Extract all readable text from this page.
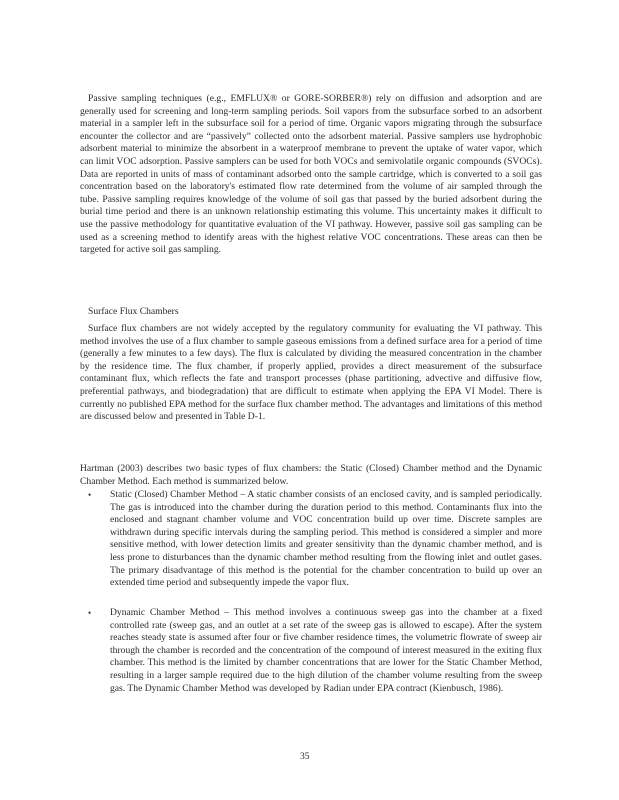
Passive sampling techniques (e.g., EMFLUX® or GORE-SORBER®) rely on diffusion and adsorption and are generally used for screening and long-term sampling periods. Soil vapors from the subsurface sorbed to an adsorbent material in a sampler left in the subsurface soil for a period of time. Organic vapors migrating through the subsurface encounter the collector and are “passively” collected onto the adsorbent material. Passive samplers use hydrophobic adsorbent material to minimize the absorbent in a waterproof membrane to prevent the uptake of water vapor, which can limit VOC adsorption. Passive samplers can be used for both VOCs and semivolatile organic compounds (SVOCs). Data are reported in units of mass of contaminant adsorbed onto the sample cartridge, which is converted to a soil gas concentration based on the laboratory's estimated flow rate determined from the volume of air sampled through the tube. Passive sampling requires knowledge of the volume of soil gas that passed by the buried adsorbent during the burial time period and there is an unknown relationship estimating this volume. This uncertainty makes it difficult to use the passive methodology for quantitative evaluation of the VI pathway. However, passive soil gas sampling can be used as a screening method to identify areas with the highest relative VOC concentrations. These areas can then be targeted for active soil gas sampling.

Surface Flux Chambers

Surface flux chambers are not widely accepted by the regulatory community for evaluating the VI pathway. This method involves the use of a flux chamber to sample gaseous emissions from a defined surface area for a period of time (generally a few minutes to a few days). The flux is calculated by dividing the measured concentration in the chamber by the residence time. The flux chamber, if properly applied, provides a direct measurement of the subsurface contaminant flux, which reflects the fate and transport processes (phase partitioning, advective and diffusive flow, preferential pathways, and biodegradation) that are difficult to estimate when applying the EPA VI Model. There is currently no published EPA method for the surface flux chamber method. The advantages and limitations of this method are discussed below and presented in Table D-1.

Hartman (2003) describes two basic types of flux chambers: the Static (Closed) Chamber method and the Dynamic Chamber Method. Each method is summarized below.

• Static (Closed) Chamber Method – A static chamber consists of an enclosed cavity, and is sampled periodically. The gas is introduced into the chamber during the duration period to this method. Contaminants flux into the enclosed and stagnant chamber volume and VOC concentration build up over time. Discrete samples are withdrawn during specific intervals during the sampling period. This method is considered a simpler and more sensitive method, with lower detection limits and greater sensitivity than the dynamic chamber method, and is less prone to disturbances than the dynamic chamber method resulting from the flowing inlet and outlet gases. The primary disadvantage of this method is the potential for the chamber concentration to build up over an extended time period and subsequently impede the vapor flux.

• Dynamic Chamber Method – This method involves a continuous sweep gas into the chamber at a fixed controlled rate (sweep gas, and an outlet at a set rate of the sweep gas is allowed to escape). After the system reaches steady state is assumed after four or five chamber residence times, the volumetric flowrate of sweep air through the chamber is recorded and the concentration of the compound of interest measured in the exiting flux chamber. This method is the limited by chamber concentrations that are lower for the Static Chamber Method, resulting in a larger sample required due to the high dilution of the chamber volume resulting from the sweep gas. The Dynamic Chamber Method was developed by Radian under EPA contract (Kienbusch, 1986).

35
